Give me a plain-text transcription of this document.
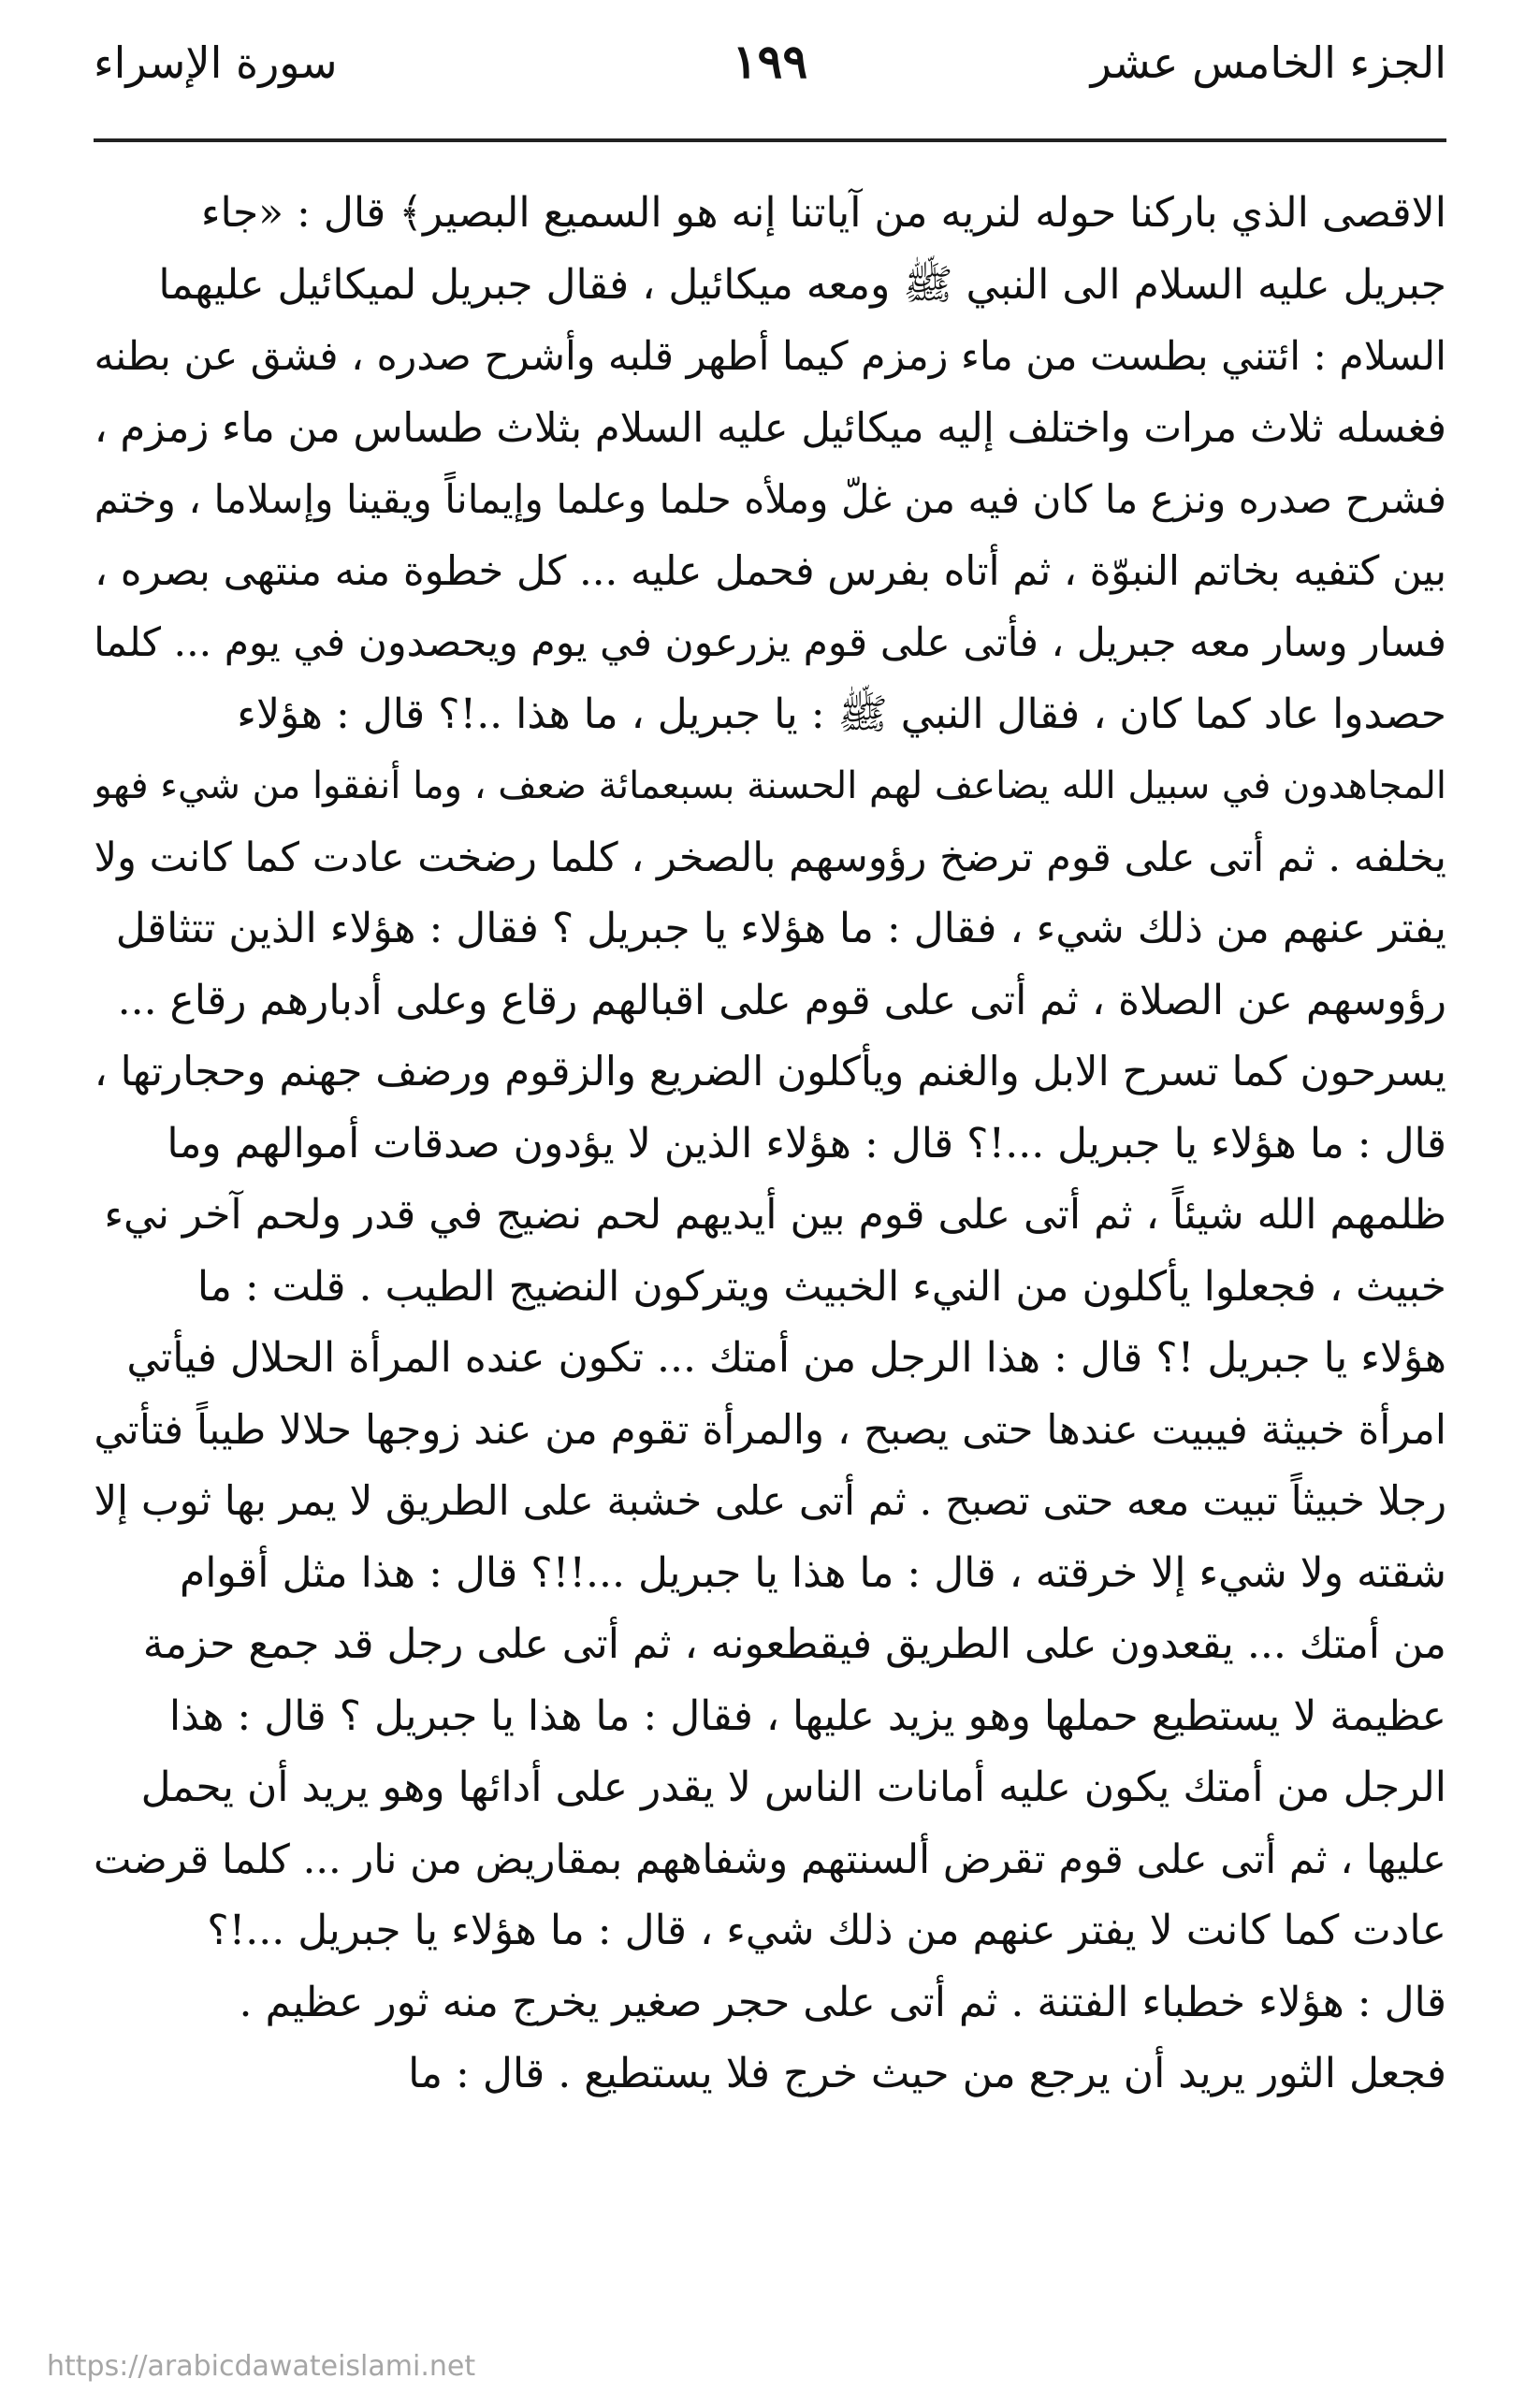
الجزء الخامس عشر
١٩٩
سورة الإسراء
الاقصى الذي باركنا حوله لنريه من آياتنا إنه هو السميع البصير﴾ قال : «جاء
جبريل عليه السلام الى النبي ﷺ ومعه ميكائيل ، فقال جبريل لميكائيل عليهما
السلام : ائتني بطست من ماء زمزم كيما أطهر قلبه وأشرح صدره ، فشق عن بطنه
فغسله ثلاث مرات واختلف إليه ميكائيل عليه السلام بثلاث طساس من ماء زمزم ،
فشرح صدره ونزع ما كان فيه من غلّ وملأه حلما وعلما وإيماناً ويقينا وإسلاما ، وختم
بين كتفيه بخاتم النبوّة ، ثم أتاه بفرس فحمل عليه ... كل خطوة منه منتهى بصره ،
فسار وسار معه جبريل ، فأتى على قوم يزرعون في يوم ويحصدون في يوم ... كلما
حصدوا عاد كما كان ، فقال النبي ﷺ : يا جبريل ، ما هذا ..!؟ قال : هؤلاء
المجاهدون في سبيل الله يضاعف لهم الحسنة بسبعمائة ضعف ، وما أنفقوا من شيء فهو
يخلفه . ثم أتى على قوم ترضخ رؤوسهم بالصخر ، كلما رضخت عادت كما كانت ولا
يفتر عنهم من ذلك شيء ، فقال : ما هؤلاء يا جبريل ؟ فقال : هؤلاء الذين تتثاقل
رؤوسهم عن الصلاة ، ثم أتى على قوم على اقبالهم رقاع وعلى أدبارهم رقاع ...
يسرحون كما تسرح الابل والغنم ويأكلون الضريع والزقوم ورضف جهنم وحجارتها ،
قال : ما هؤلاء يا جبريل ...!؟ قال : هؤلاء الذين لا يؤدون صدقات أموالهم وما
ظلمهم الله شيئاً ، ثم أتى على قوم بين أيديهم لحم نضيج في قدر ولحم آخر نيء
خبيث ، فجعلوا يأكلون من النيء الخبيث ويتركون النضيج الطيب . قلت : ما
هؤلاء يا جبريل !؟ قال : هذا الرجل من أمتك ... تكون عنده المرأة الحلال فيأتي
امرأة خبيثة فيبيت عندها حتى يصبح ، والمرأة تقوم من عند زوجها حلالا طيباً فتأتي
رجلا خبيثاً تبيت معه حتى تصبح . ثم أتى على خشبة على الطريق لا يمر بها ثوب إلا
شقته ولا شيء إلا خرقته ، قال : ما هذا يا جبريل ...!!؟ قال : هذا مثل أقوام
من أمتك ... يقعدون على الطريق فيقطعونه ، ثم أتى على رجل قد جمع حزمة
عظيمة لا يستطيع حملها وهو يزيد عليها ، فقال : ما هذا يا جبريل ؟ قال : هذا
الرجل من أمتك يكون عليه أمانات الناس لا يقدر على أدائها وهو يريد أن يحمل
عليها ، ثم أتى على قوم تقرض ألسنتهم وشفاههم بمقاريض من نار ... كلما قرضت
عادت كما كانت لا يفتر عنهم من ذلك شيء ، قال : ما هؤلاء يا جبريل ...!؟
قال : هؤلاء خطباء الفتنة . ثم أتى على حجر صغير يخرج منه ثور عظيم .
فجعل الثور يريد أن يرجع من حيث خرج فلا يستطيع . قال : ما
https://arabicdawateislami.net
